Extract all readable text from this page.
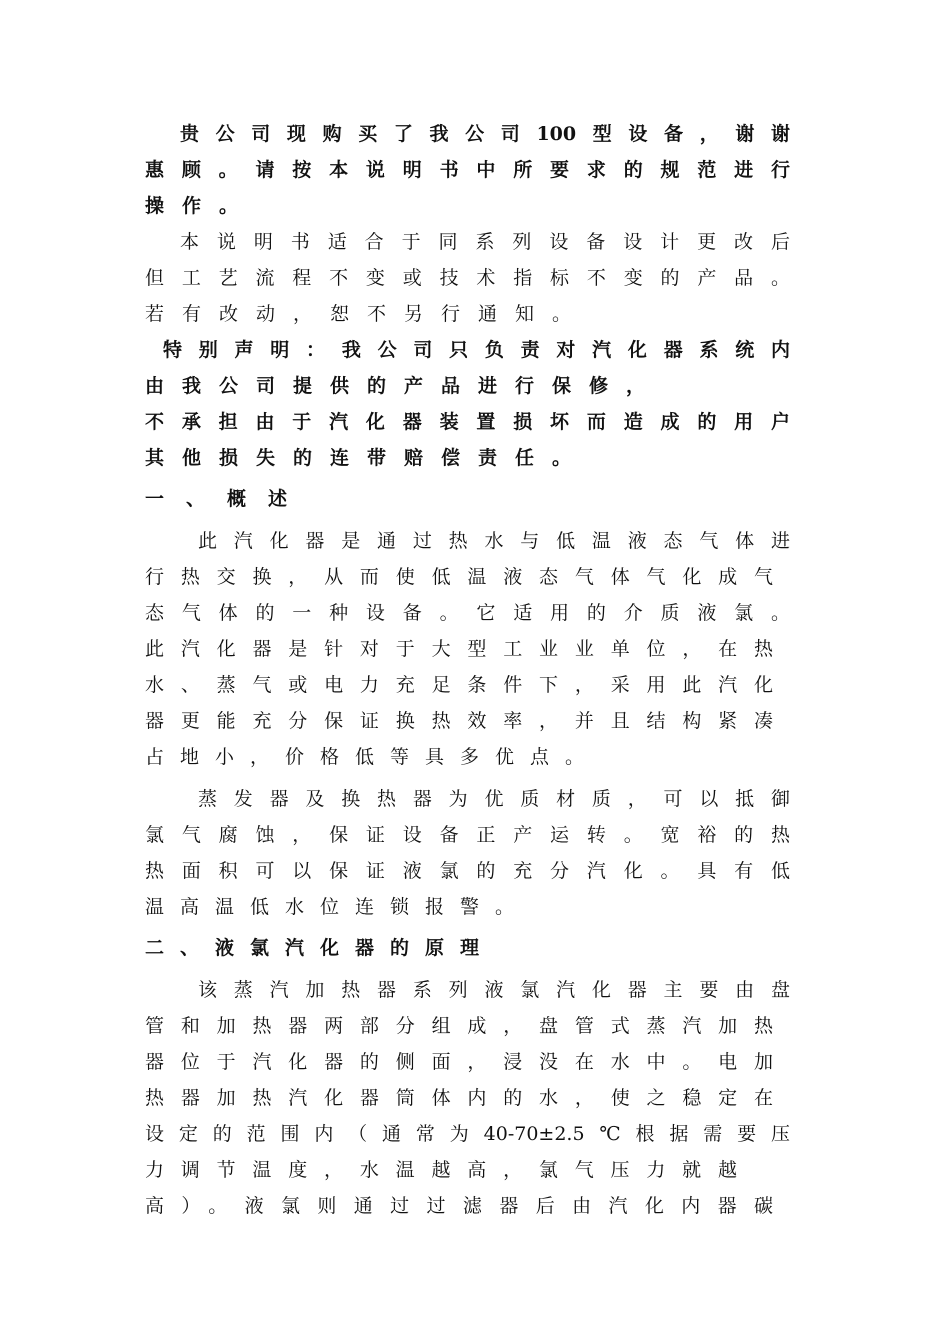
贵公司现购买了我公司100型设备，谢谢
惠顾。请按本说明书中所要求的规范进行
操作。
本说明书适合于同系列设备设计更改后
但工艺流程不变或技术指标不变的产品。
若有改动，恕不另行通知。
特别声明：我公司只负责对汽化器系统内
由我公司提供的产品进行保修，
不承担由于汽化器装置损坏而造成的用户
其他损失的连带赔偿责任。
一、概述
此汽化器是通过热水与低温液态气体进
行热交换，从而使低温液态气体气化成气
态气体的一种设备。它适用的介质液氯。
此汽化器是针对于大型工业业单位，在热
水、蒸气或电力充足条件下，采用此汽化
器更能充分保证换热效率，并且结构紧凑
占地小，价格低等具多优点。
蒸发器及换热器为优质材质，可以抵御
氯气腐蚀，保证设备正产运转。宽裕的热
热面积可以保证液氯的充分汽化。具有低
温高温低水位连锁报警。
二、液氯汽化器的原理
该蒸汽加热器系列液氯汽化器主要由盘
管和加热器两部分组成，盘管式蒸汽加热
器位于汽化器的侧面，浸没在水中。电加
热器加热汽化器筒体内的水，使之稳定在
设定的范围内（通常为40-70±2.5℃根据需要压
力调节温度，水温越高，氯气压力就越
高）。液氯则通过过滤器后由汽化内器碳
